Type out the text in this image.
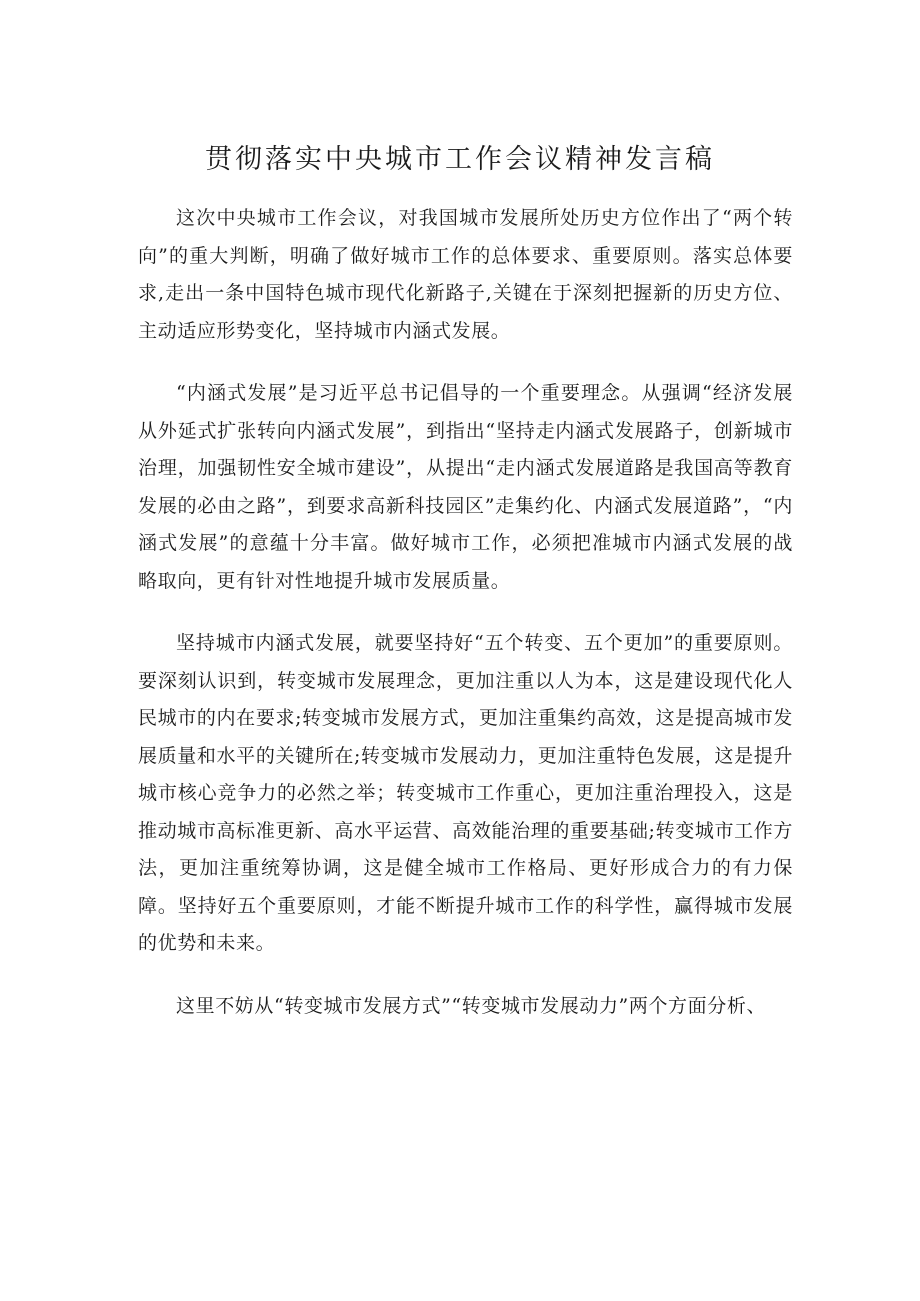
贯彻落实中央城市工作会议精神发言稿

这次中央城市工作会议，对我国城市发展所处历史方位作出了“两个转向”的重大判断，明确了做好城市工作的总体要求、重要原则。落实总体要求,走出一条中国特色城市现代化新路子,关键在于深刻把握新的历史方位、主动适应形势变化，坚持城市内涵式发展。

“内涵式发展”是习近平总书记倡导的一个重要理念。从强调“经济发展从外延式扩张转向内涵式发展”，到指出“坚持走内涵式发展路子，创新城市治理，加强韧性安全城市建设”，从提出“走内涵式发展道路是我国高等教育发展的必由之路”，到要求高新科技园区”走集约化、内涵式发展道路”，“内涵式发展”的意蕴十分丰富。做好城市工作，必须把准城市内涵式发展的战略取向，更有针对性地提升城市发展质量。

坚持城市内涵式发展，就要坚持好“五个转变、五个更加”的重要原则。要深刻认识到，转变城市发展理念，更加注重以人为本，这是建设现代化人民城市的内在要求;转变城市发展方式，更加注重集约高效，这是提高城市发展质量和水平的关键所在;转变城市发展动力，更加注重特色发展，这是提升城市核心竞争力的必然之举；转变城市工作重心，更加注重治理投入，这是推动城市高标准更新、高水平运营、高效能治理的重要基础;转变城市工作方法，更加注重统筹协调，这是健全城市工作格局、更好形成合力的有力保障。坚持好五个重要原则，才能不断提升城市工作的科学性，赢得城市发展的优势和未来。

这里不妨从“转变城市发展方式”“转变城市发展动力”两个方面分析、
